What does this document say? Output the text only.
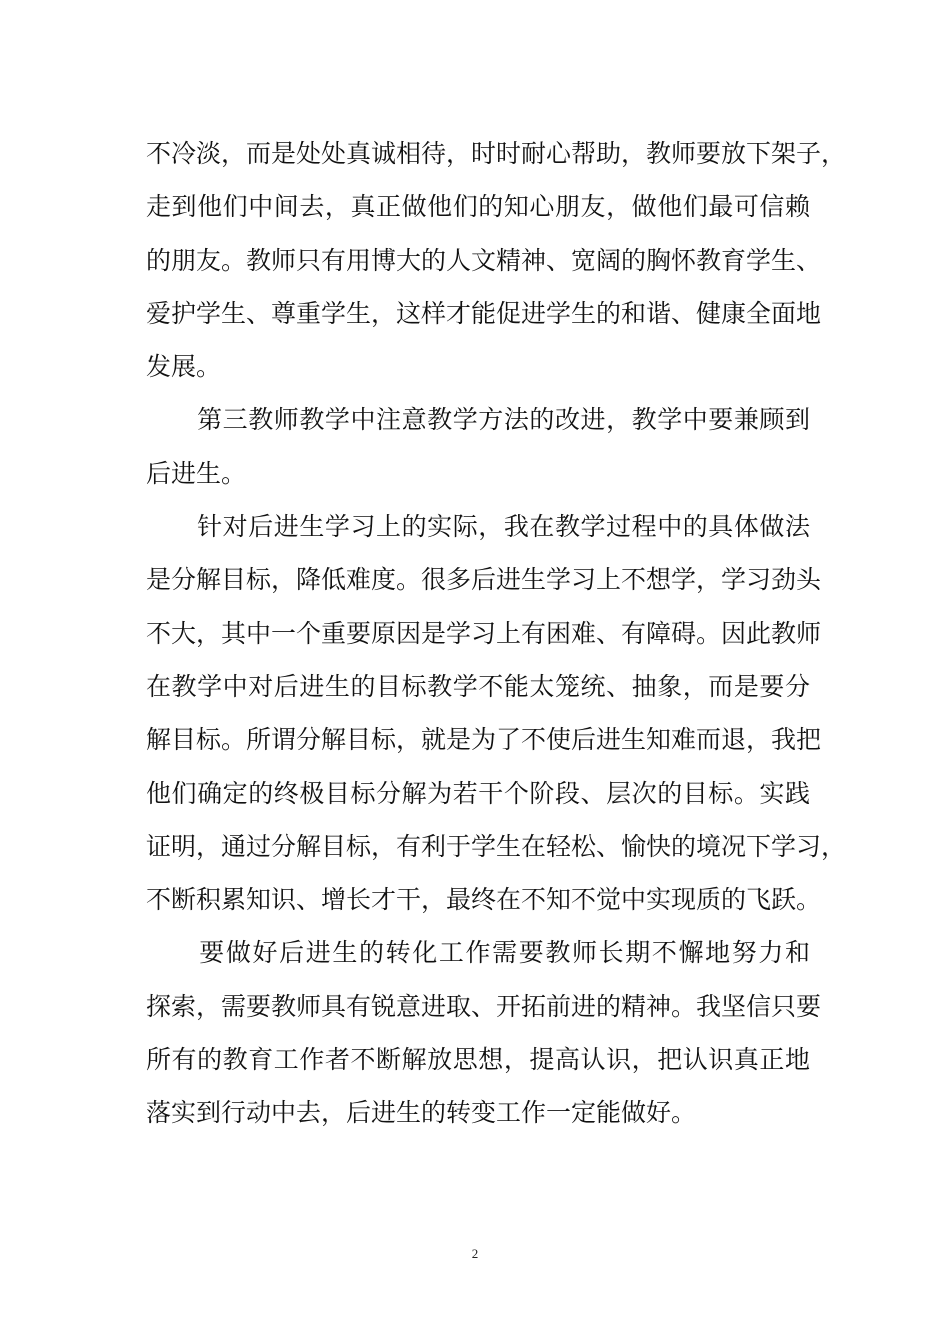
不冷淡，而是处处真诚相待，时时耐心帮助，教师要放下架子，
走到他们中间去，真正做他们的知心朋友，做他们最可信赖
的朋友。教师只有用博大的人文精神、宽阔的胸怀教育学生、
爱护学生、尊重学生，这样才能促进学生的和谐、健康全面地
发展。
　　第三教师教学中注意教学方法的改进，教学中要兼顾到
后进生。
　　针对后进生学习上的实际，我在教学过程中的具体做法
是分解目标，降低难度。很多后进生学习上不想学，学习劲头
不大，其中一个重要原因是学习上有困难、有障碍。因此教师
在教学中对后进生的目标教学不能太笼统、抽象，而是要分
解目标。所谓分解目标，就是为了不使后进生知难而退，我把
他们确定的终极目标分解为若干个阶段、层次的目标。实践
证明，通过分解目标，有利于学生在轻松、愉快的境况下学习，
不断积累知识、增长才干，最终在不知不觉中实现质的飞跃。
　　要做好后进生的转化工作需要教师长期不懈地努力和
探索，需要教师具有锐意进取、开拓前进的精神。我坚信只要
所有的教育工作者不断解放思想，提高认识，把认识真正地
落实到行动中去，后进生的转变工作一定能做好。
2
